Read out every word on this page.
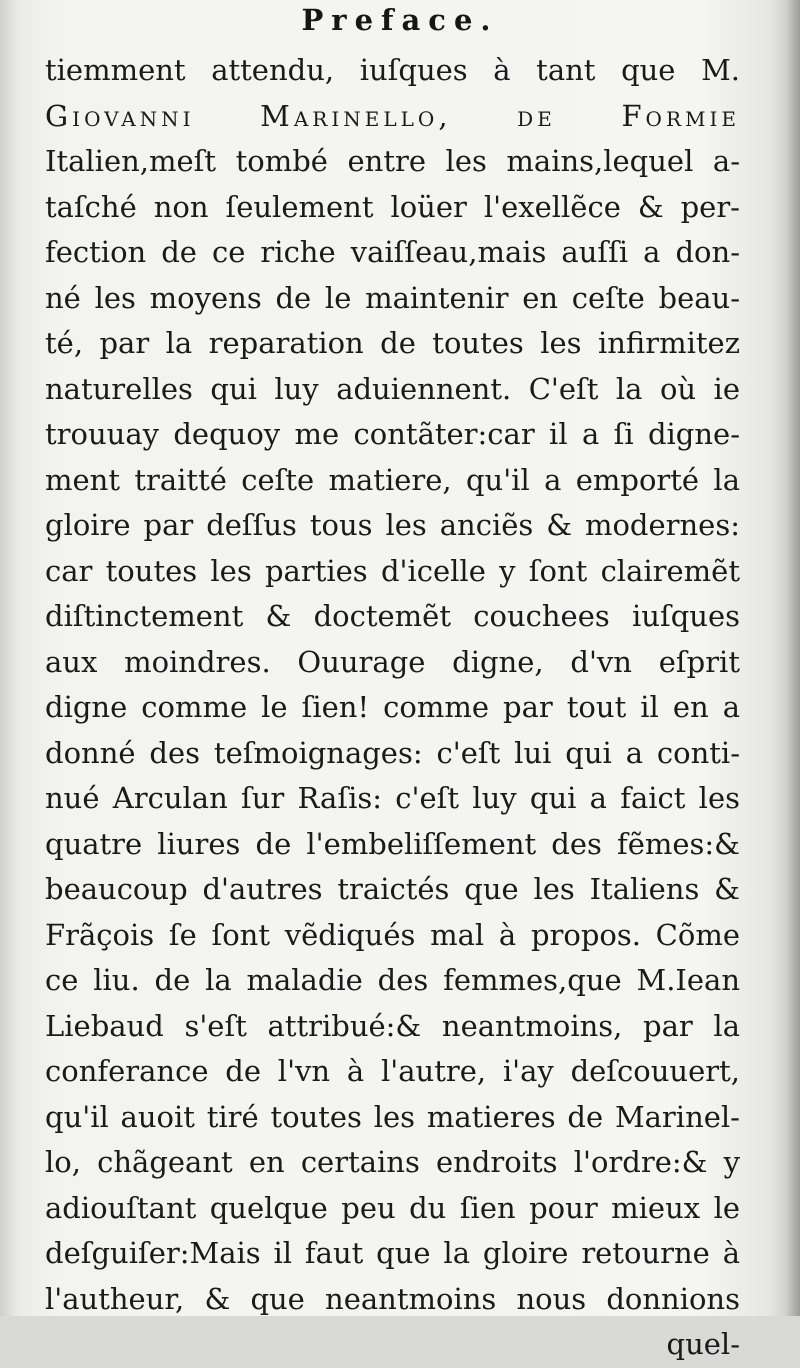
Preface.
tiemment attendu, iuſques à tant que M.
Giovanni Marinello, de Formie
Italien,meſt tombé entre les mains,lequel a-
taſché non ſeulement loüer l'exellẽce & per-
fection de ce riche vaiſſeau,mais auſſi a don-
né les moyens de le maintenir en ceſte beau-
té, par la reparation de toutes les infirmitez
naturelles qui luy aduiennent. C'eſt la où ie
trouuay dequoy me contãter:car il a ſi digne-
ment traitté ceſte matiere, qu'il a emporté la
gloire par deſſus tous les anciẽs & modernes:
car toutes les parties d'icelle y ſont clairemẽt
diſtinctement & doctemẽt couchees iuſques
aux moindres. Ouurage digne, d'vn eſprit
digne comme le ſien! comme par tout il en a
donné des teſmoignages: c'eſt lui qui a conti-
nué Arculan ſur Raſis: c'eſt luy qui a faict les
quatre liures de l'embeliſſement des fẽmes:&
beaucoup d'autres traictés que les Italiens &
Frãçois ſe ſont vẽdiqués mal à propos. Cõme
ce liu. de la maladie des femmes,que M.Iean
Liebaud s'eſt attribué:& neantmoins, par la
conferance de l'vn à l'autre, i'ay deſcouuert,
qu'il auoit tiré toutes les matieres de Marinel-
lo, chãgeant en certains endroits l'ordre:& y
adiouſtant quelque peu du ſien pour mieux le
deſguiſer:Mais il faut que la gloire retourne à
l'autheur, & que neantmoins nous donnions
quel-
